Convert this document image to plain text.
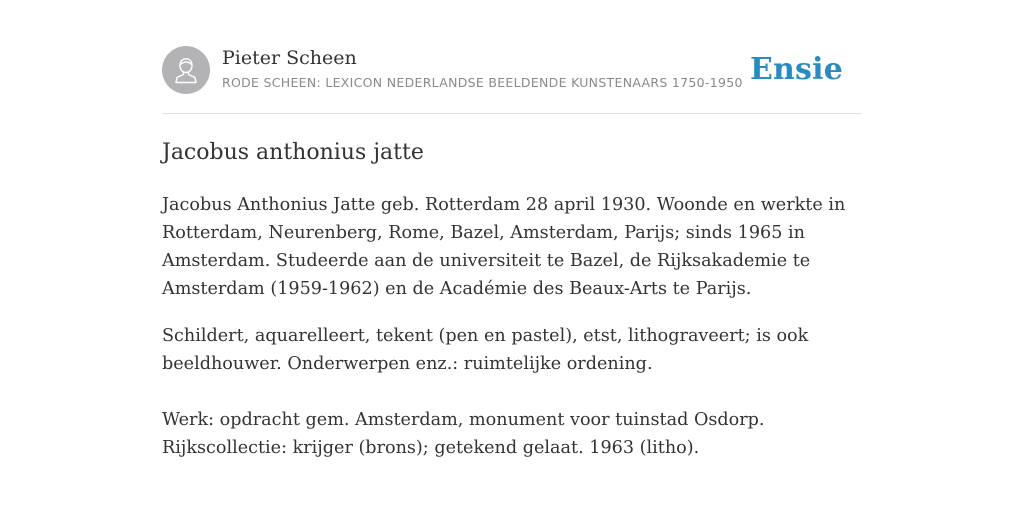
Pieter Scheen
RODE SCHEEN: LEXICON NEDERLANDSE BEELDENDE KUNSTENAARS 1750-1950 Ensie
Jacobus anthonius jatte

Jacobus Anthonius Jatte geb. Rotterdam 28 april 1930. Woonde en werkte in Rotterdam, Neurenberg, Rome, Bazel, Amsterdam, Parijs; sinds 1965 in Amsterdam. Studeerde aan de universiteit te Bazel, de Rijksakademie te Amsterdam (1959-1962) en de Académie des Beaux-Arts te Parijs.

Schildert, aquarelleert, tekent (pen en pastel), etst, lithograveert; is ook beeldhouwer. Onderwerpen enz.: ruimtelijke ordening.

Werk: opdracht gem. Amsterdam, monument voor tuinstad Osdorp. Rijkscollectie: krijger (brons); getekend gelaat. 1963 (litho).
